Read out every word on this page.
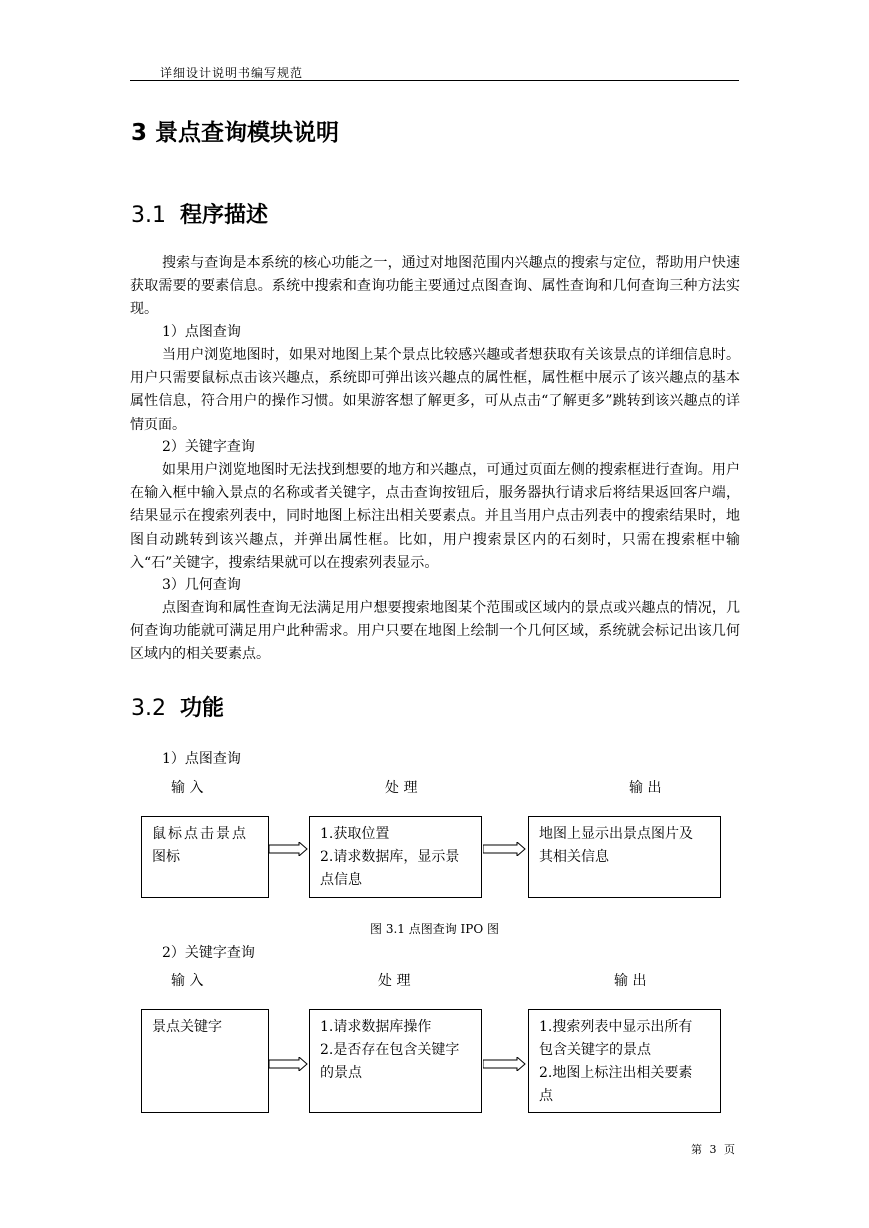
详细设计说明书编写规范
3 景点查询模块说明
3.1 程序描述
搜索与查询是本系统的核心功能之一，通过对地图范围内兴趣点的搜索与定位，帮助用户快速获取需要的要素信息。系统中搜索和查询功能主要通过点图查询、属性查询和几何查询三种方法实现。
1）点图查询
当用户浏览地图时，如果对地图上某个景点比较感兴趣或者想获取有关该景点的详细信息时。用户只需要鼠标点击该兴趣点，系统即可弹出该兴趣点的属性框，属性框中展示了该兴趣点的基本属性信息，符合用户的操作习惯。如果游客想了解更多，可从点击“了解更多”跳转到该兴趣点的详情页面。
2）关键字查询
如果用户浏览地图时无法找到想要的地方和兴趣点，可通过页面左侧的搜索框进行查询。用户在输入框中输入景点的名称或者关键字，点击查询按钮后，服务器执行请求后将结果返回客户端，结果显示在搜索列表中，同时地图上标注出相关要素点。并且当用户点击列表中的搜索结果时，地图自动跳转到该兴趣点，并弹出属性框。比如，用户搜索景区内的石刻时，只需在搜索框中输入“石”关键字，搜索结果就可以在搜索列表显示。
3）几何查询
点图查询和属性查询无法满足用户想要搜索地图某个范围或区域内的景点或兴趣点的情况，几何查询功能就可满足用户此种需求。用户只要在地图上绘制一个几何区域，系统就会标记出该几何区域内的相关要素点。
3.2 功能
1）点图查询
输 入	处 理	输 出
鼠标点击景点
图标
1.获取位置
2.请求数据库，显示景
点信息
地图上显示出景点图片及
其相关信息
图 3.1 点图查询 IPO 图
2）关键字查询
输 入	处 理	输 出
景点关键字	1.请求数据库操作
2.是否存在包含关键字
的景点
1.搜索列表中显示出所有
包含关键字的景点
2.地图上标注出相关要素
点
第 3 页
